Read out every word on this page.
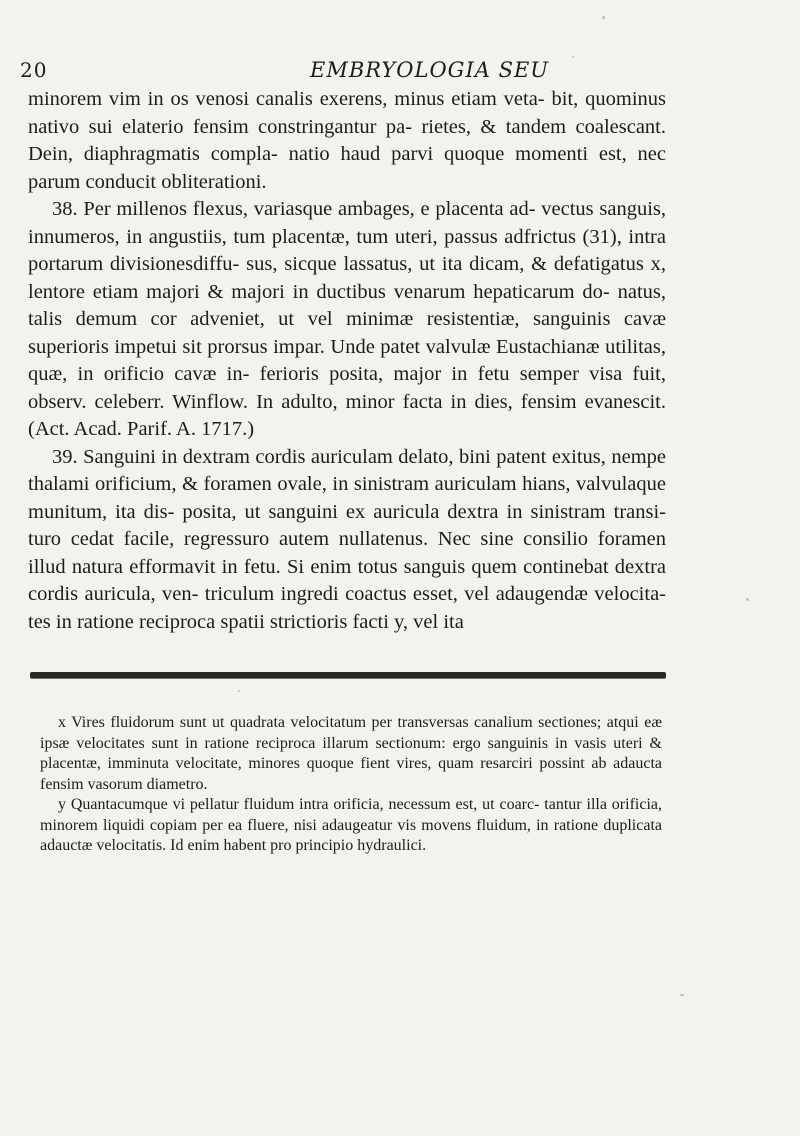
20	EMBRYOLOGIA SEU

minorem vim in os venosi canalis exerens, minus etiam veta- bit, quominus nativo sui elaterio fensim constringantur pa- rietes, & tandem coalescant. Dein, diaphragmatis compla- natio haud parvi quoque momenti est, nec parum conducit obliterationi.

38. Per millenos flexus, variasque ambages, e placenta ad- vectus sanguis, innumeros, in angustiis, tum placentæ, tum uteri, passus adfrictus (31), intra portarum divisionesdiffu- sus, sicque lassatus, ut ita dicam, & defatigatus x, lentore etiam majori & majori in ductibus venarum hepaticarum do- natus, talis demum cor adveniet, ut vel minimæ resistentiæ, sanguinis cavæ superioris impetui sit prorsus impar. Unde patet valvulæ Eustachianæ utilitas, quæ, in orificio cavæ in- ferioris posita, major in fetu semper visa fuit, observ. celeberr. Winflow. In adulto, minor facta in dies, fensim evanescit. (Act. Acad. Parif. A. 1717.)

39. Sanguini in dextram cordis auriculam delato, bini patent exitus, nempe thalami orificium, & foramen ovale, in sinistram auriculam hians, valvulaque munitum, ita dis- posita, ut sanguini ex auricula dextra in sinistram transi- turo cedat facile, regressuro autem nullatenus. Nec sine consilio foramen illud natura efformavit in fetu. Si enim totus sanguis quem continebat dextra cordis auricula, ven- triculum ingredi coactus esset, vel adaugendæ velocita- tes in ratione reciproca spatii strictioris facti y, vel ita

x Vires fluidorum sunt ut quadrata velocitatum per transversas canalium sectiones; atqui eæ ipsæ velocitates sunt in ratione reciproca illarum sectionum: ergo sanguinis in vasis uteri & placentæ, imminuta velocitate, minores quoque fient vires, quam resarciri possint ab adaucta fensim vasorum diametro.

y Quantacumque vi pellatur fluidum intra orificia, necessum est, ut coarc- tantur illa orificia, minorem liquidi copiam per ea fluere, nisi adaugeatur vis movens fluidum, in ratione duplicata adauctæ velocitatis. Id enim habent pro principio hydraulici.
